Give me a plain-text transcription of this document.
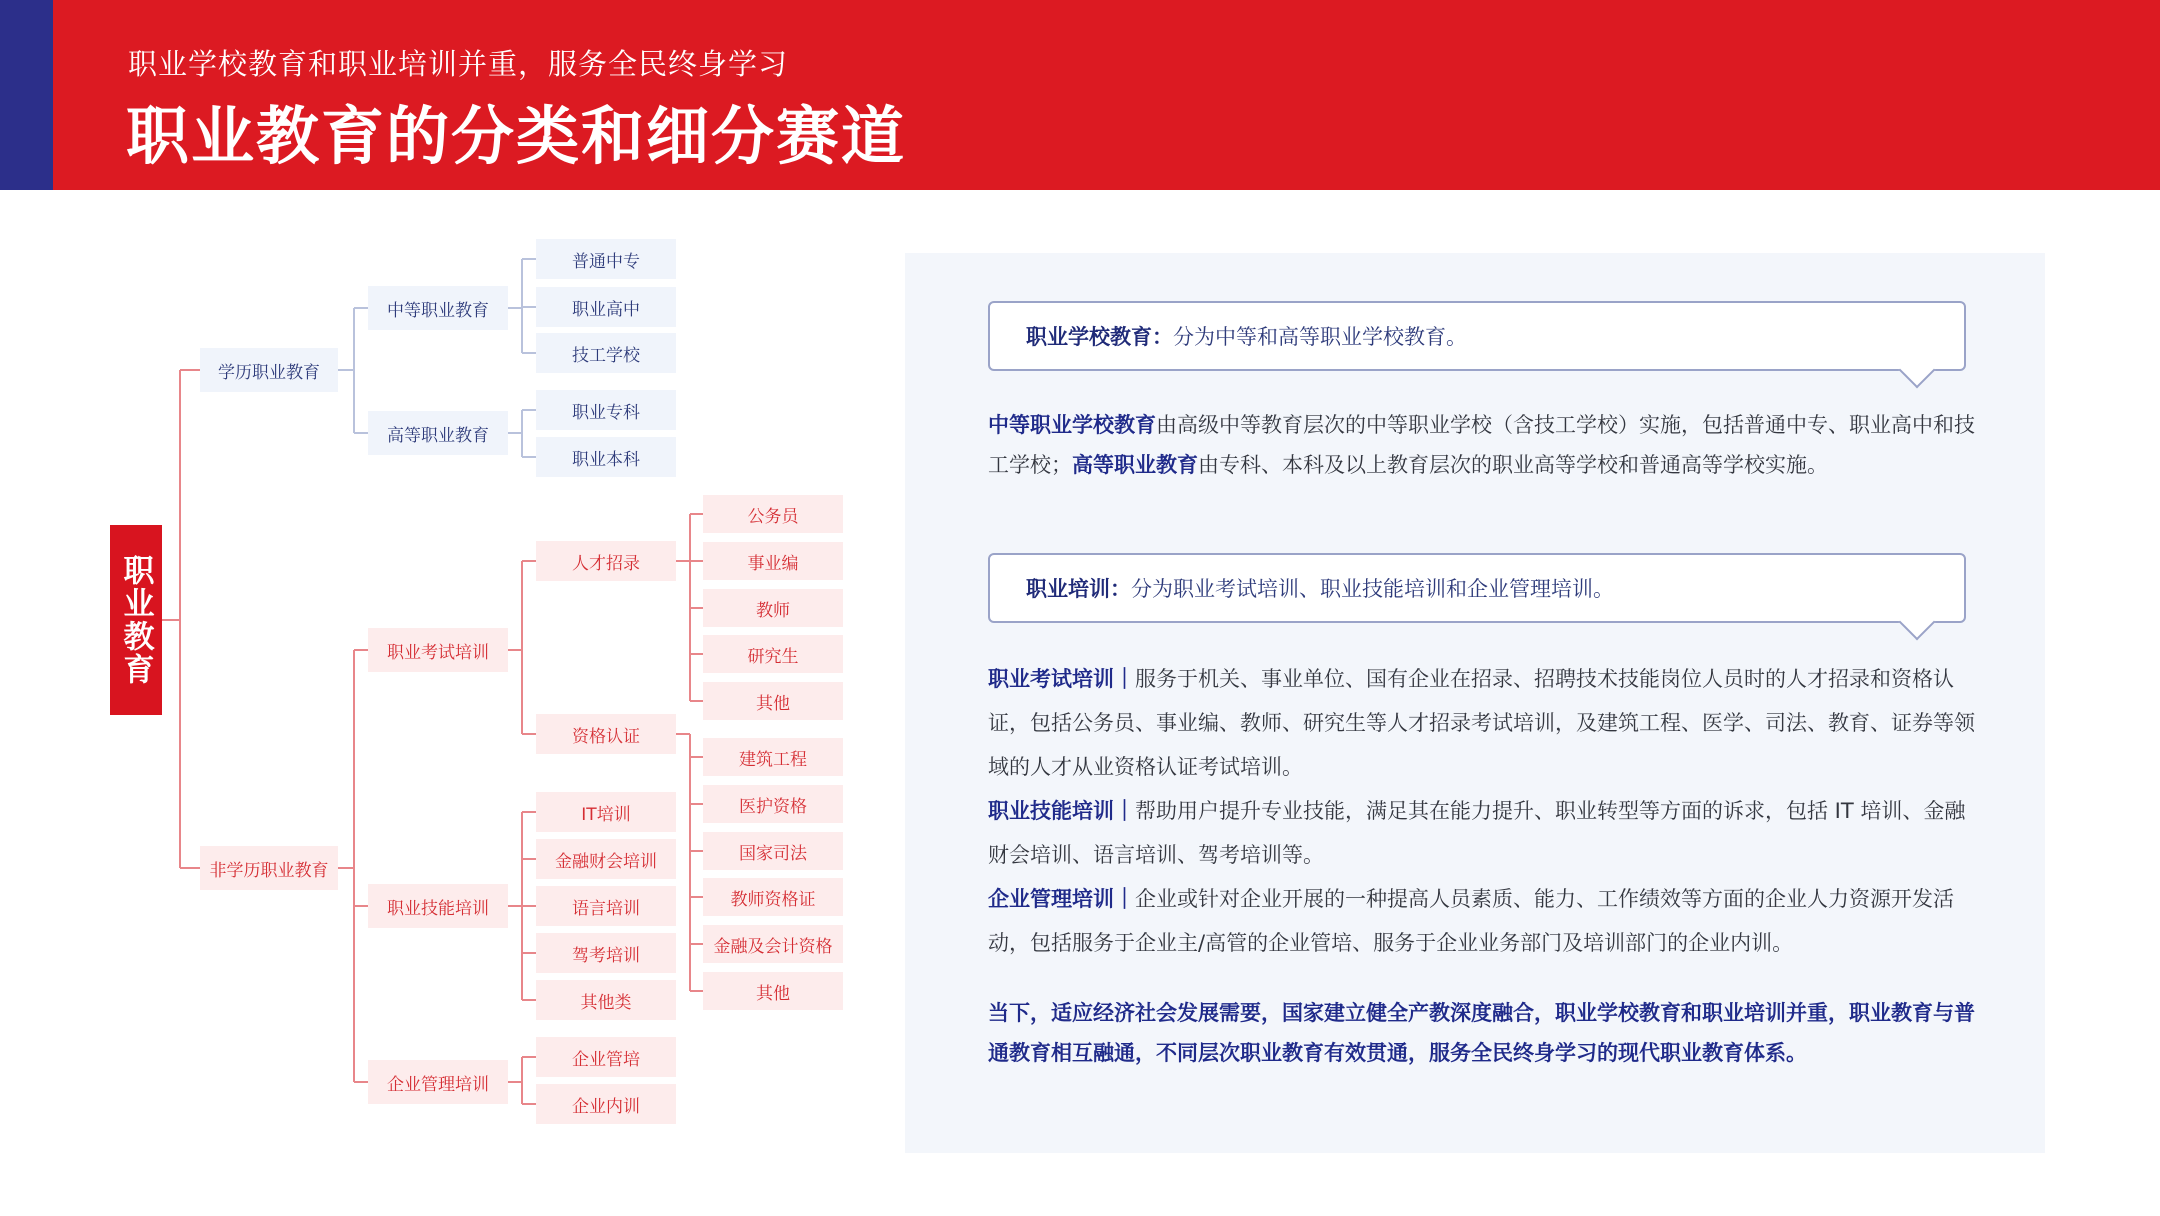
职业学校教育和职业培训并重，服务全民终身学习
职业教育的分类和细分赛道
职业教育
学历职业教育
中等职业教育
高等职业教育
普通中专
职业高中
技工学校
职业专科
职业本科
非学历职业教育
职业考试培训
职业技能培训
企业管理培训
人才招录
资格认证
公务员
事业编
教师
研究生
其他
建筑工程
医护资格
国家司法
教师资格证
金融及会计资格
其他
IT培训
金融财会培训
语言培训
驾考培训
其他类
企业管培
企业内训
职业学校教育：分为中等和高等职业学校教育。
中等职业学校教育由高级中等教育层次的中等职业学校（含技工学校）实施，包括普通中专、职业高中和技工学校；高等职业教育由专科、本科及以上教育层次的职业高等学校和普通高等学校实施。
职业培训：分为职业考试培训、职业技能培训和企业管理培训。
职业考试培训｜服务于机关、事业单位、国有企业在招录、招聘技术技能岗位人员时的人才招录和资格认证，包括公务员、事业编、教师、研究生等人才招录考试培训，及建筑工程、医学、司法、教育、证券等领域的人才从业资格认证考试培训。
职业技能培训｜帮助用户提升专业技能，满足其在能力提升、职业转型等方面的诉求，包括 IT 培训、金融财会培训、语言培训、驾考培训等。
企业管理培训｜企业或针对企业开展的一种提高人员素质、能力、工作绩效等方面的企业人力资源开发活动，包括服务于企业主/高管的企业管培、服务于企业业务部门及培训部门的企业内训。
当下，适应经济社会发展需要，国家建立健全产教深度融合，职业学校教育和职业培训并重，职业教育与普通教育相互融通，不同层次职业教育有效贯通，服务全民终身学习的现代职业教育体系。
